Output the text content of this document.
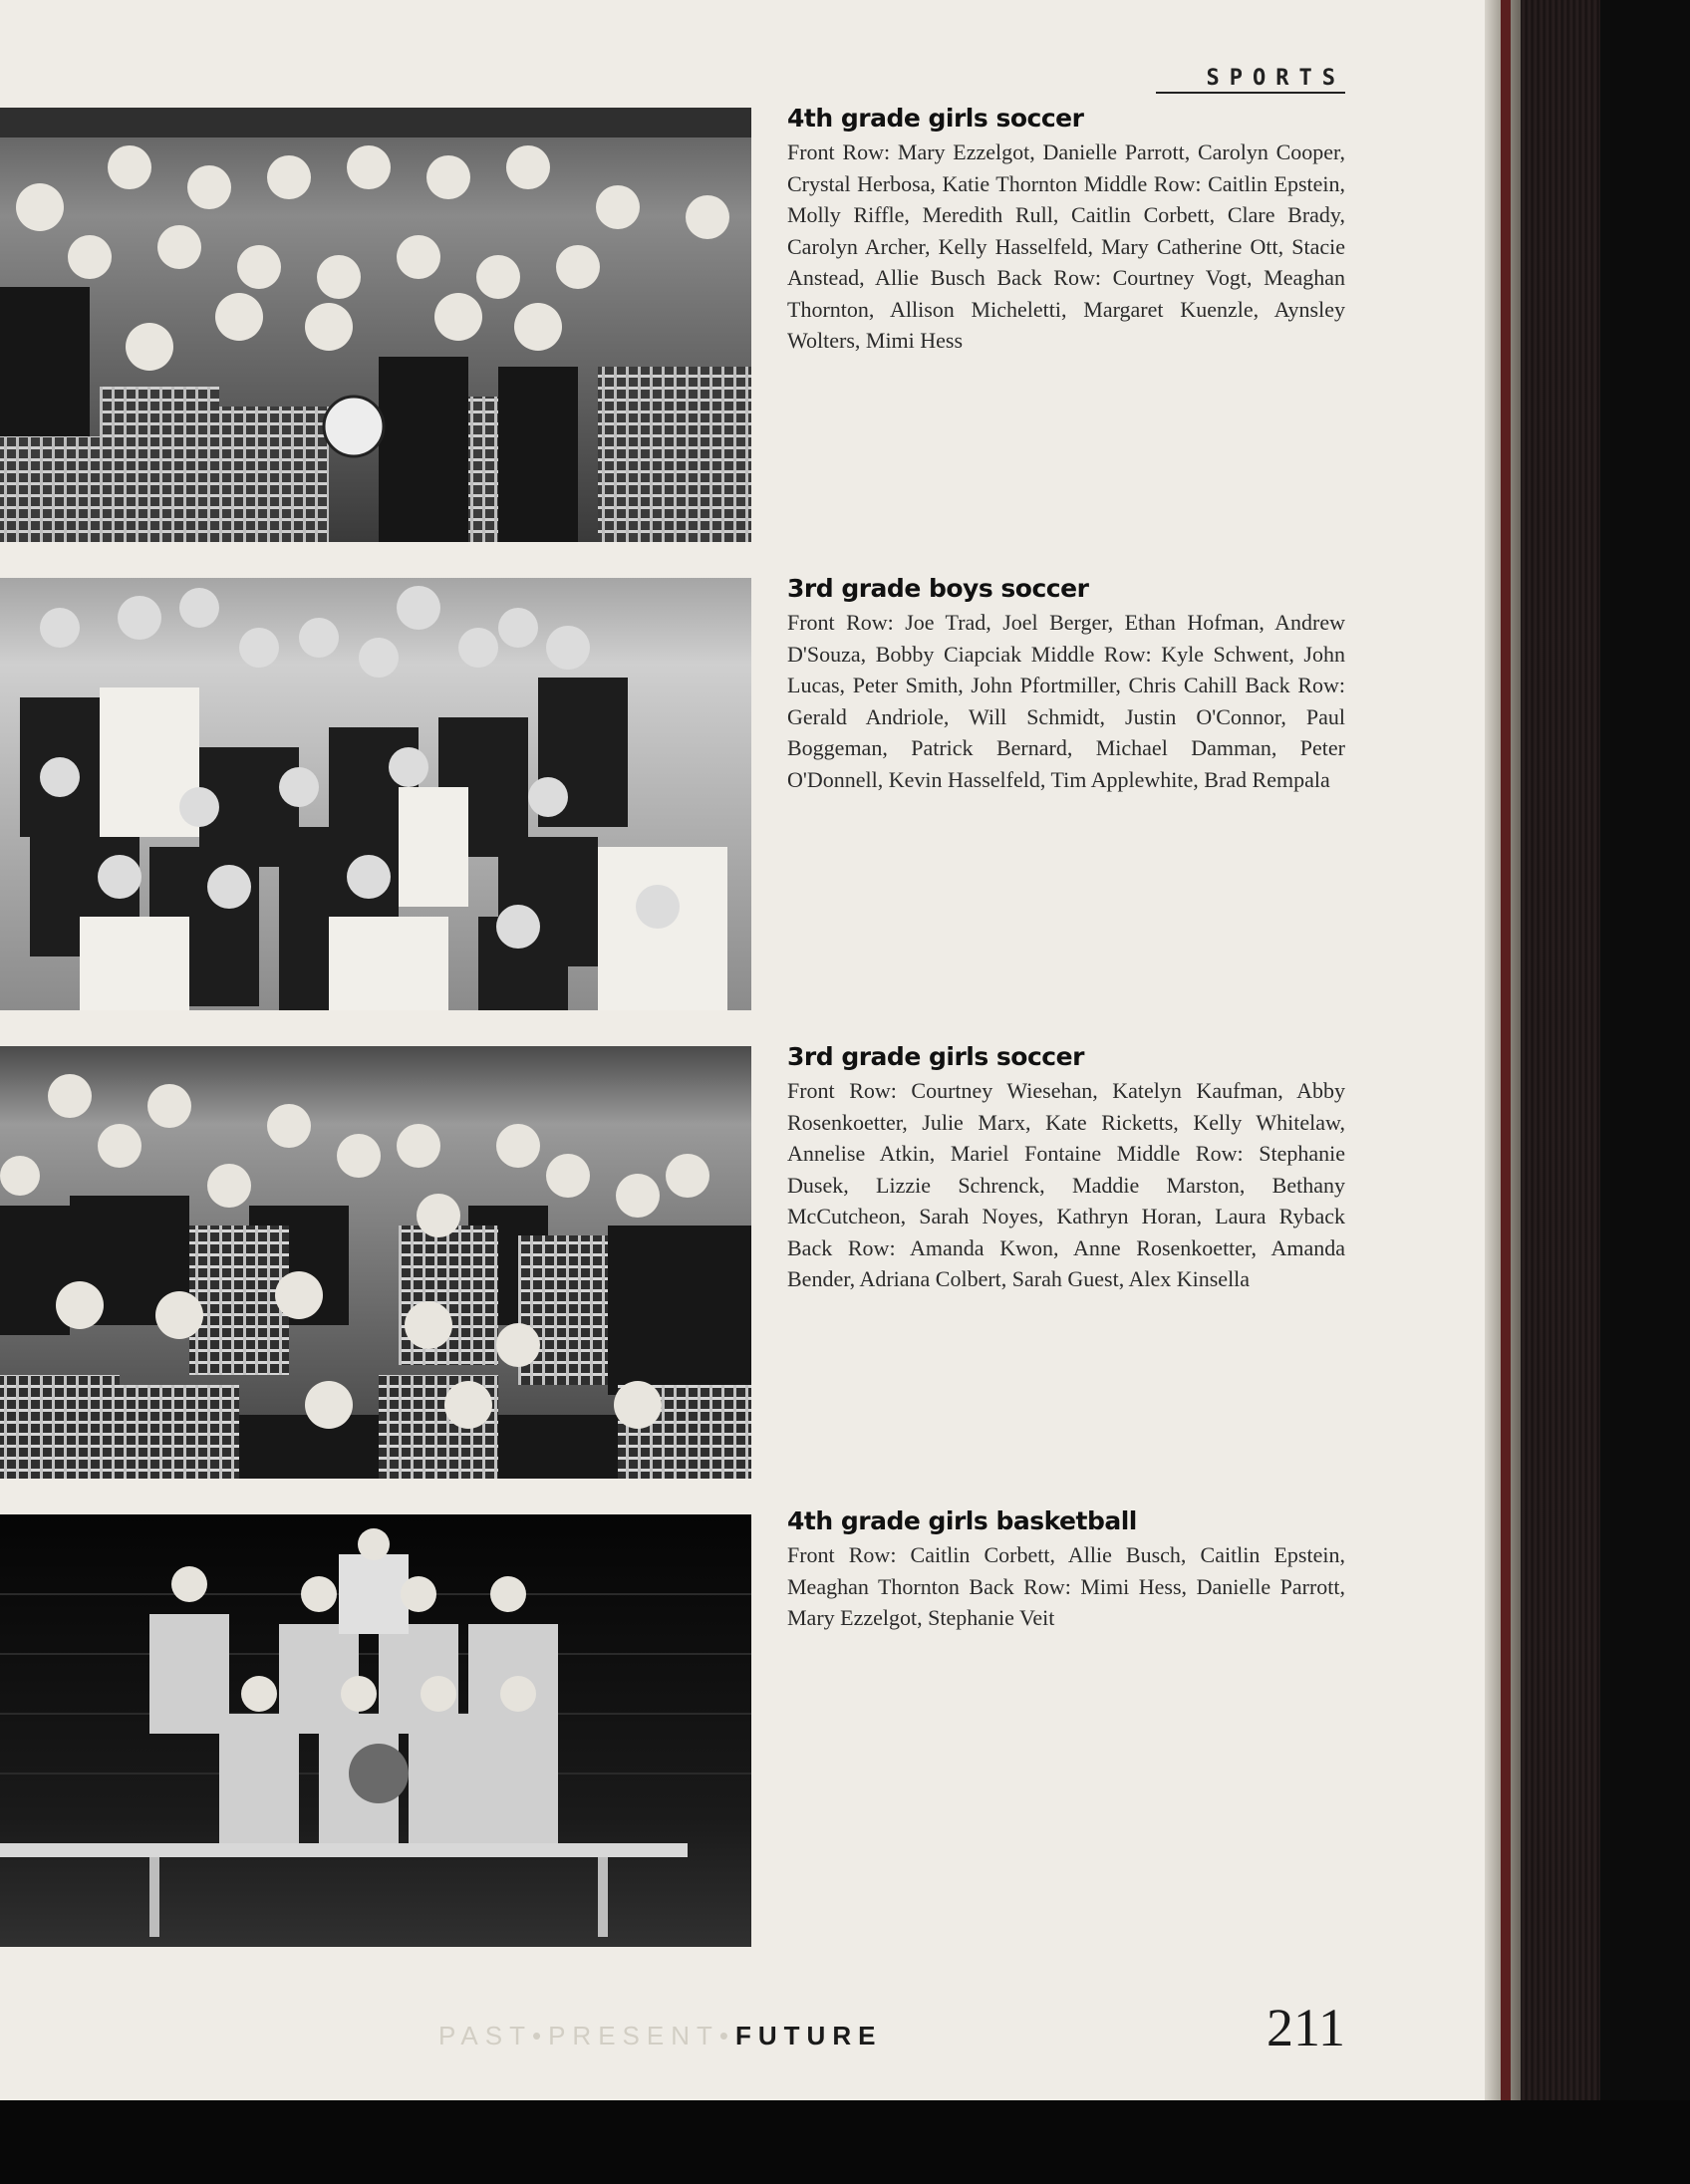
SPORTS

4th grade girls soccer

Front Row: Mary Ezzelgot, Danielle Parrott, Carolyn Cooper, Crystal Herbosa, Katie Thornton Middle Row: Caitlin Epstein, Molly Riffle, Meredith Rull, Caitlin Corbett, Clare Brady, Carolyn Archer, Kelly Hasselfeld, Mary Catherine Ott, Stacie Anstead, Allie Busch Back Row: Courtney Vogt, Meaghan Thornton, Allison Micheletti, Margaret Kuenzle, Aynsley Wolters, Mimi Hess

3rd grade boys soccer

Front Row: Joe Trad, Joel Berger, Ethan Hofman, Andrew D'Souza, Bobby Ciapciak Middle Row: Kyle Schwent, John Lucas, Peter Smith, John Pfortmiller, Chris Cahill Back Row: Gerald Andriole, Will Schmidt, Justin O'Connor, Paul Boggeman, Patrick Bernard, Michael Damman, Peter O'Donnell, Kevin Hasselfeld, Tim Applewhite, Brad Rempala

3rd grade girls soccer

Front Row: Courtney Wiesehan, Katelyn Kaufman, Abby Rosenkoetter, Julie Marx, Kate Ricketts, Kelly Whitelaw, Annelise Atkin, Mariel Fontaine Middle Row: Stephanie Dusek, Lizzie Schrenck, Maddie Marston, Bethany McCutcheon, Sarah Noyes, Kathryn Horan, Laura Ryback Back Row: Amanda Kwon, Anne Rosenkoetter, Amanda Bender, Adriana Colbert, Sarah Guest, Alex Kinsella

4th grade girls basketball

Front Row: Caitlin Corbett, Allie Busch, Caitlin Epstein, Meaghan Thornton Back Row: Mimi Hess, Danielle Parrott, Mary Ezzelgot, Stephanie Veit

PAST•PRESENT•FUTURE	211
